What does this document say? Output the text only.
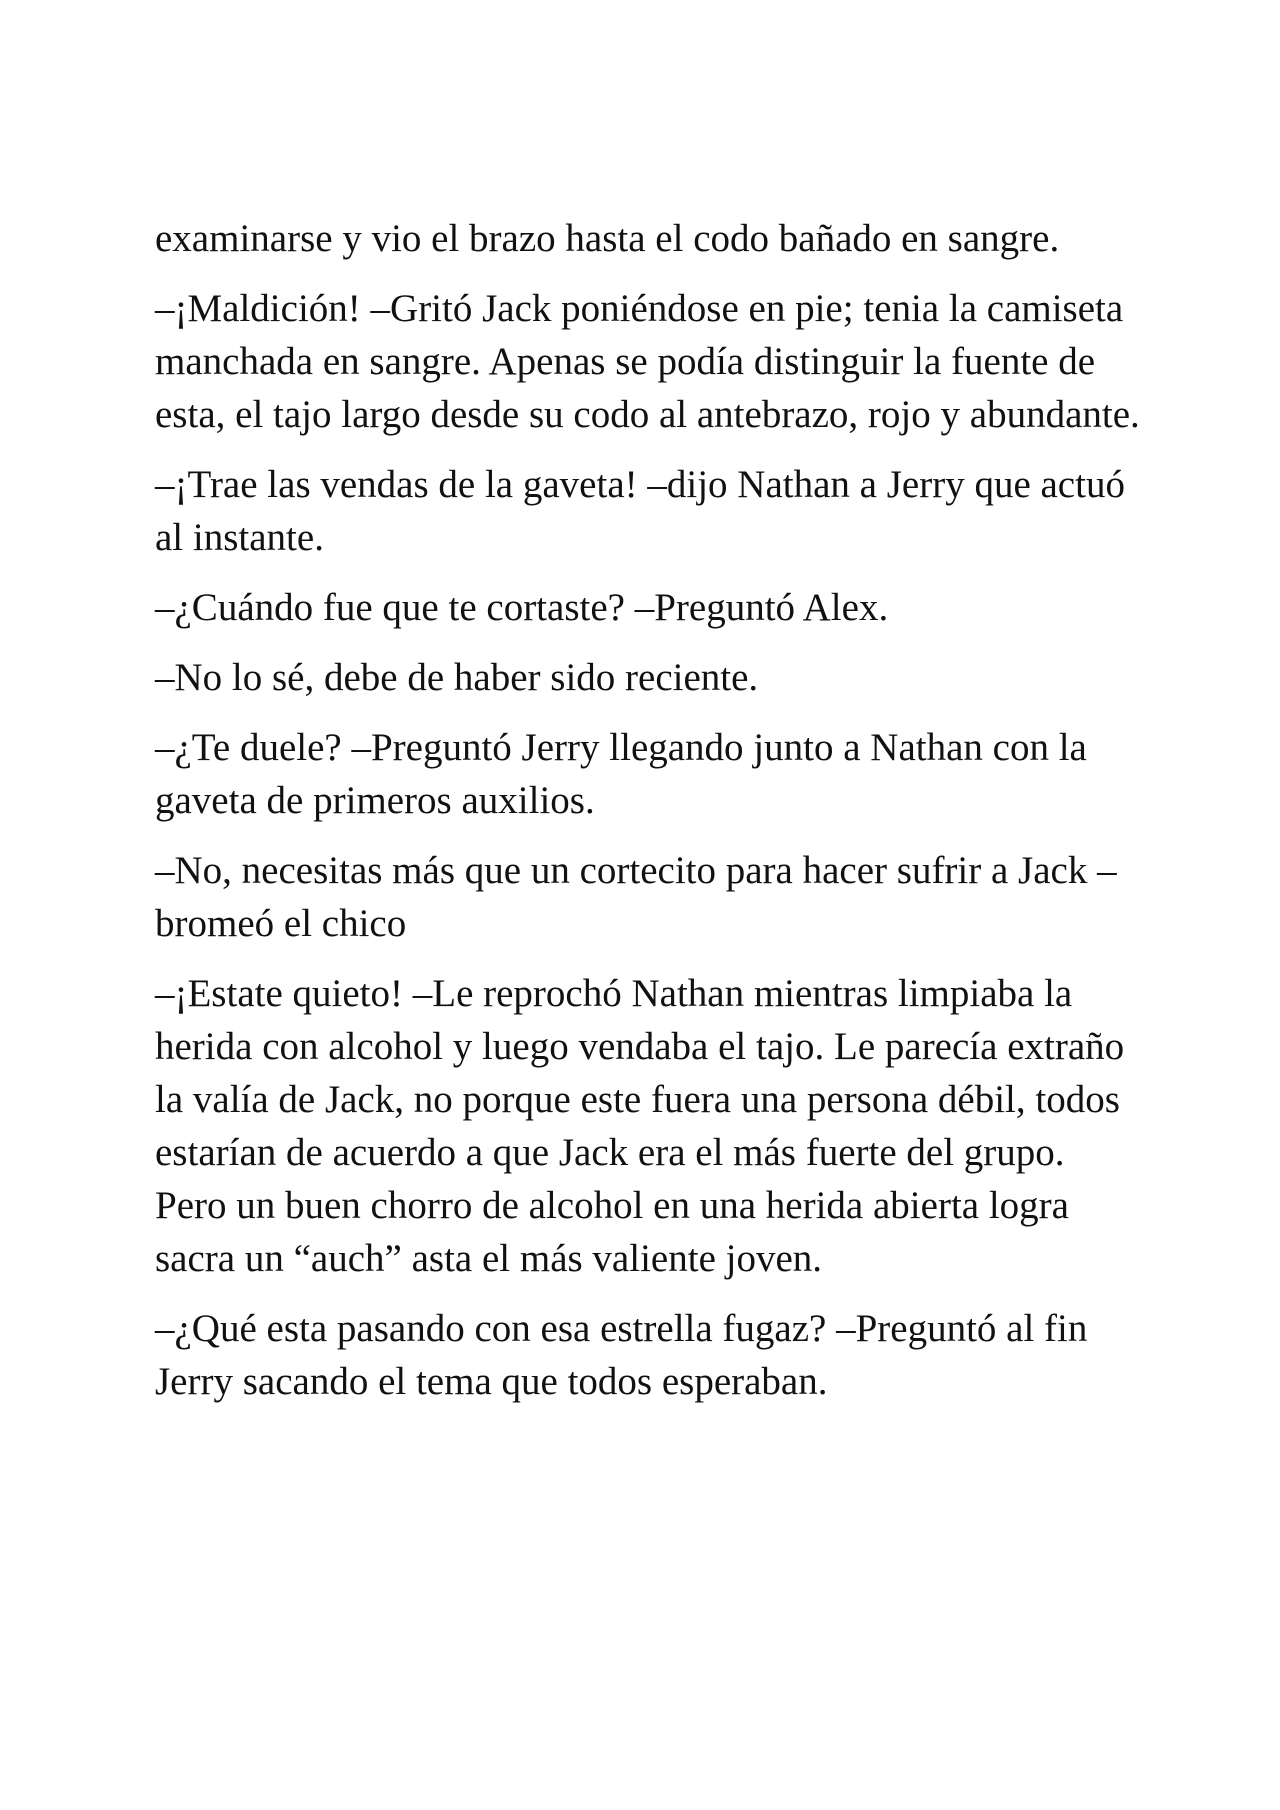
examinarse y vio el brazo hasta el codo bañado en sangre.

–¡Maldición! –Gritó Jack poniéndose en pie; tenia la camiseta manchada en sangre. Apenas se podía distinguir la fuente de esta, el tajo largo desde su codo al antebrazo, rojo y abundante.

–¡Trae las vendas de la gaveta! –dijo Nathan a Jerry que actuó al instante.

–¿Cuándo fue que te cortaste? –Preguntó Alex.

–No lo sé, debe de haber sido reciente.

–¿Te duele? –Preguntó Jerry llegando junto a Nathan con la gaveta de primeros auxilios.

–No, necesitas más que un cortecito para hacer sufrir a Jack –bromeó el chico

–¡Estate quieto! –Le reprochó Nathan mientras limpiaba la herida con alcohol y luego vendaba el tajo. Le parecía extraño la valía de Jack, no porque este fuera una persona débil, todos estarían de acuerdo a que Jack era el más fuerte del grupo. Pero un buen chorro de alcohol en una herida abierta logra sacra un “auch” asta el más valiente joven.

–¿Qué esta pasando con esa estrella fugaz? –Preguntó al fin Jerry sacando el tema que todos esperaban.
